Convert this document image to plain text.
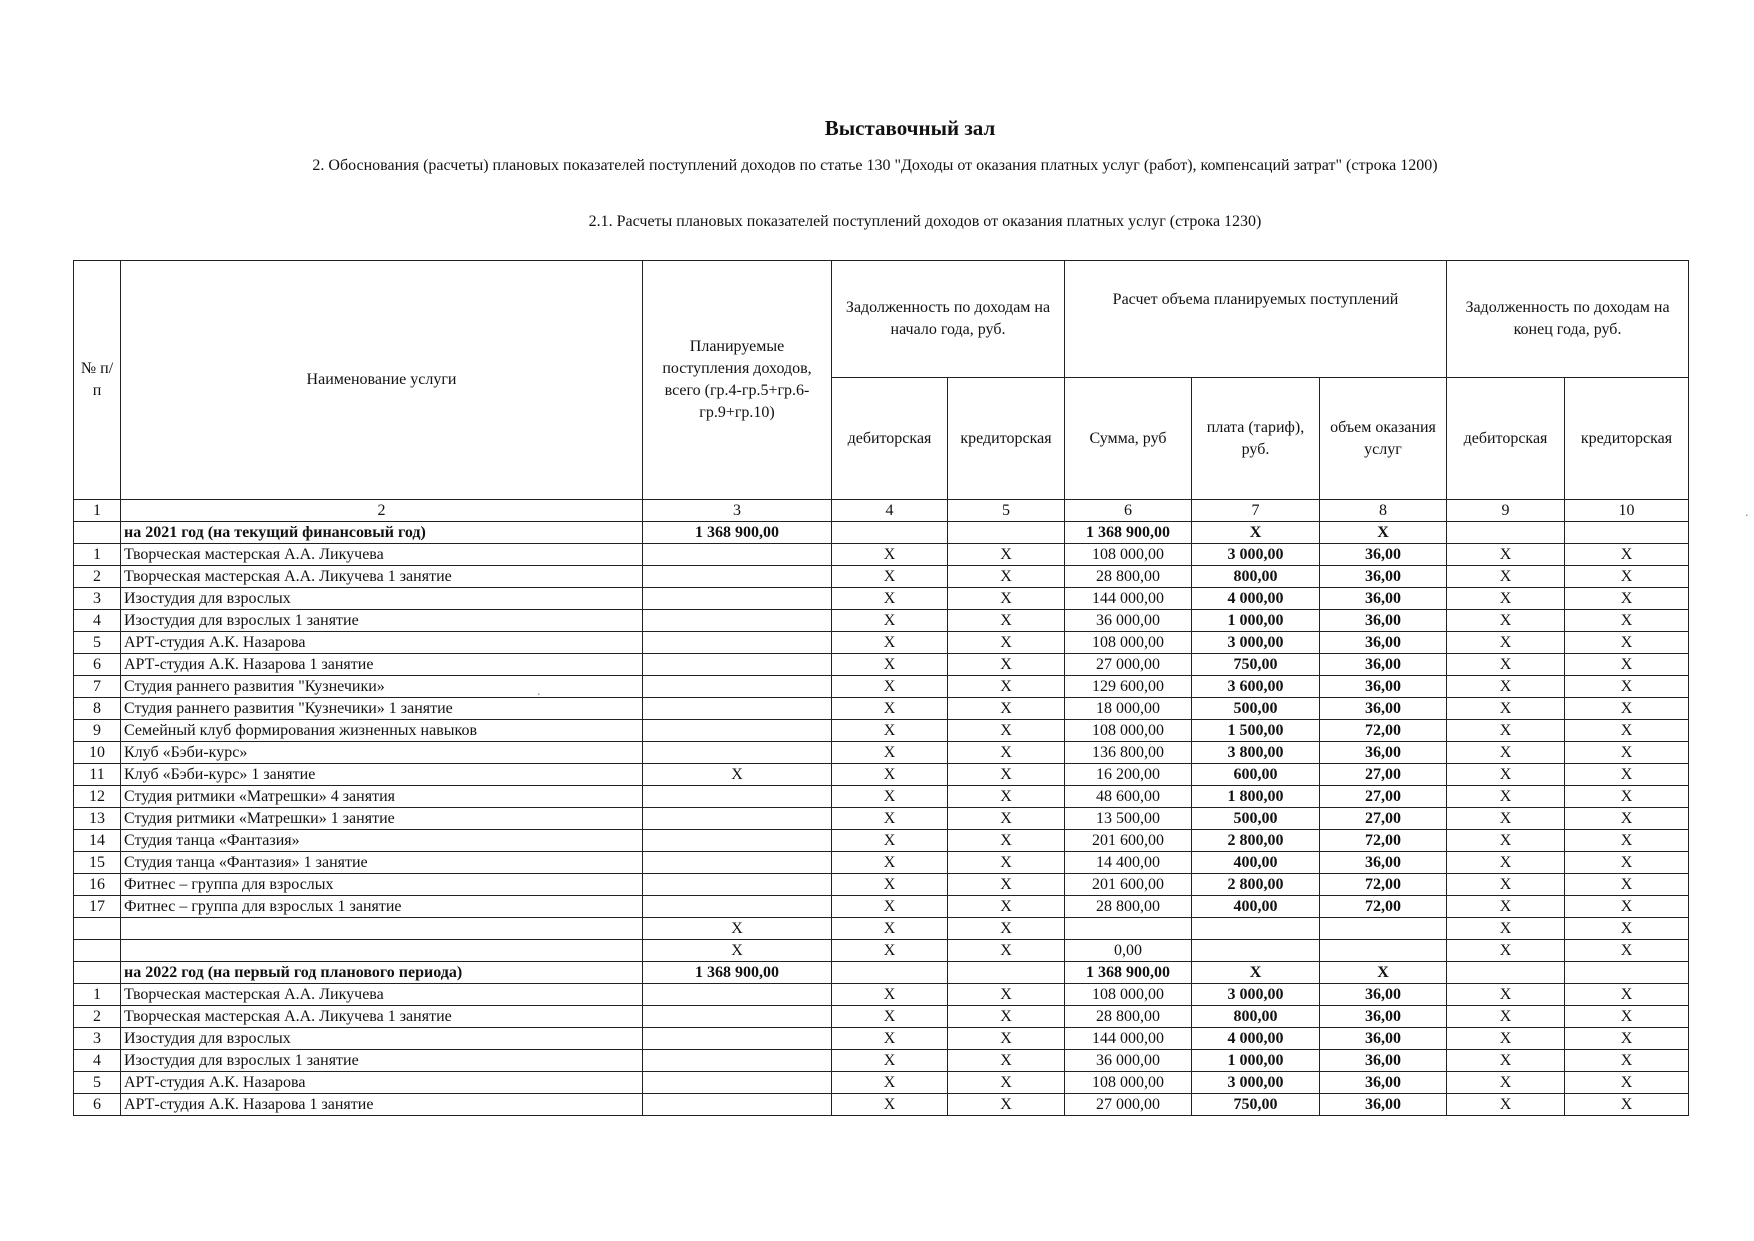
Выставочный зал
2. Обоснования (расчеты) плановых показателей поступлений доходов по статье 130 "Доходы от оказания платных услуг (работ), компенсаций затрат" (строка 1200)
2.1. Расчеты плановых показателей поступлений доходов от оказания платных услуг (строка 1230)
№ п/п	Наименование услуги	Планируемые поступления доходов, всего (гр.4-гр.5+гр.6-гр.9+гр.10)	Задолженность по доходам на начало года, руб.		Расчет объема планируемых поступлений			Задолженность по доходам на конец года, руб.	
			дебиторская	кредиторская	Сумма, руб	плата (тариф), руб.	объем оказания услуг	дебиторская	кредиторская
1	2	3	4	5	6	7	8	9	10
	на 2021 год (на текущий финансовый год)	1 368 900,00			1 368 900,00	X	X		
1	Творческая мастерская А.А. Ликучева		X	X	108 000,00	3 000,00	36,00	X	X
2	Творческая мастерская А.А. Ликучева 1 занятие		X	X	28 800,00	800,00	36,00	X	X
3	Изостудия для взрослых		X	X	144 000,00	4 000,00	36,00	X	X
4	Изостудия для взрослых 1 занятие		X	X	36 000,00	1 000,00	36,00	X	X
5	АРТ-студия А.К. Назарова		X	X	108 000,00	3 000,00	36,00	X	X
6	АРТ-студия А.К. Назарова 1 занятие		X	X	27 000,00	750,00	36,00	X	X
7	Студия раннего развития "Кузнечики»		X	X	129 600,00	3 600,00	36,00	X	X
8	Студия раннего развития "Кузнечики» 1 занятие		X	X	18 000,00	500,00	36,00	X	X
9	Семейный клуб формирования жизненных навыков		X	X	108 000,00	1 500,00	72,00	X	X
10	Клуб «Бэби-курс»		X	X	136 800,00	3 800,00	36,00	X	X
11	Клуб «Бэби-курс» 1 занятие	X	X	X	16 200,00	600,00	27,00	X	X
12	Студия ритмики «Матрешки» 4 занятия		X	X	48 600,00	1 800,00	27,00	X	X
13	Студия ритмики «Матрешки» 1 занятие		X	X	13 500,00	500,00	27,00	X	X
14	Студия танца «Фантазия»		X	X	201 600,00	2 800,00	72,00	X	X
15	Студия танца «Фантазия» 1 занятие		X	X	14 400,00	400,00	36,00	X	X
16	Фитнес – группа для взрослых		X	X	201 600,00	2 800,00	72,00	X	X
17	Фитнес – группа для взрослых 1 занятие		X	X	28 800,00	400,00	72,00	X	X
		X	X	X				X	X
		X	X	X	0,00			X	X
	на 2022 год (на первый год планового периода)	1 368 900,00			1 368 900,00	X	X		
1	Творческая мастерская А.А. Ликучева		X	X	108 000,00	3 000,00	36,00	X	X
2	Творческая мастерская А.А. Ликучева 1 занятие		X	X	28 800,00	800,00	36,00	X	X
3	Изостудия для взрослых		X	X	144 000,00	4 000,00	36,00	X	X
4	Изостудия для взрослых 1 занятие		X	X	36 000,00	1 000,00	36,00	X	X
5	АРТ-студия А.К. Назарова		X	X	108 000,00	3 000,00	36,00	X	X
6	АРТ-студия А.К. Назарова 1 занятие		X	X	27 000,00	750,00	36,00	X	X
.
.
